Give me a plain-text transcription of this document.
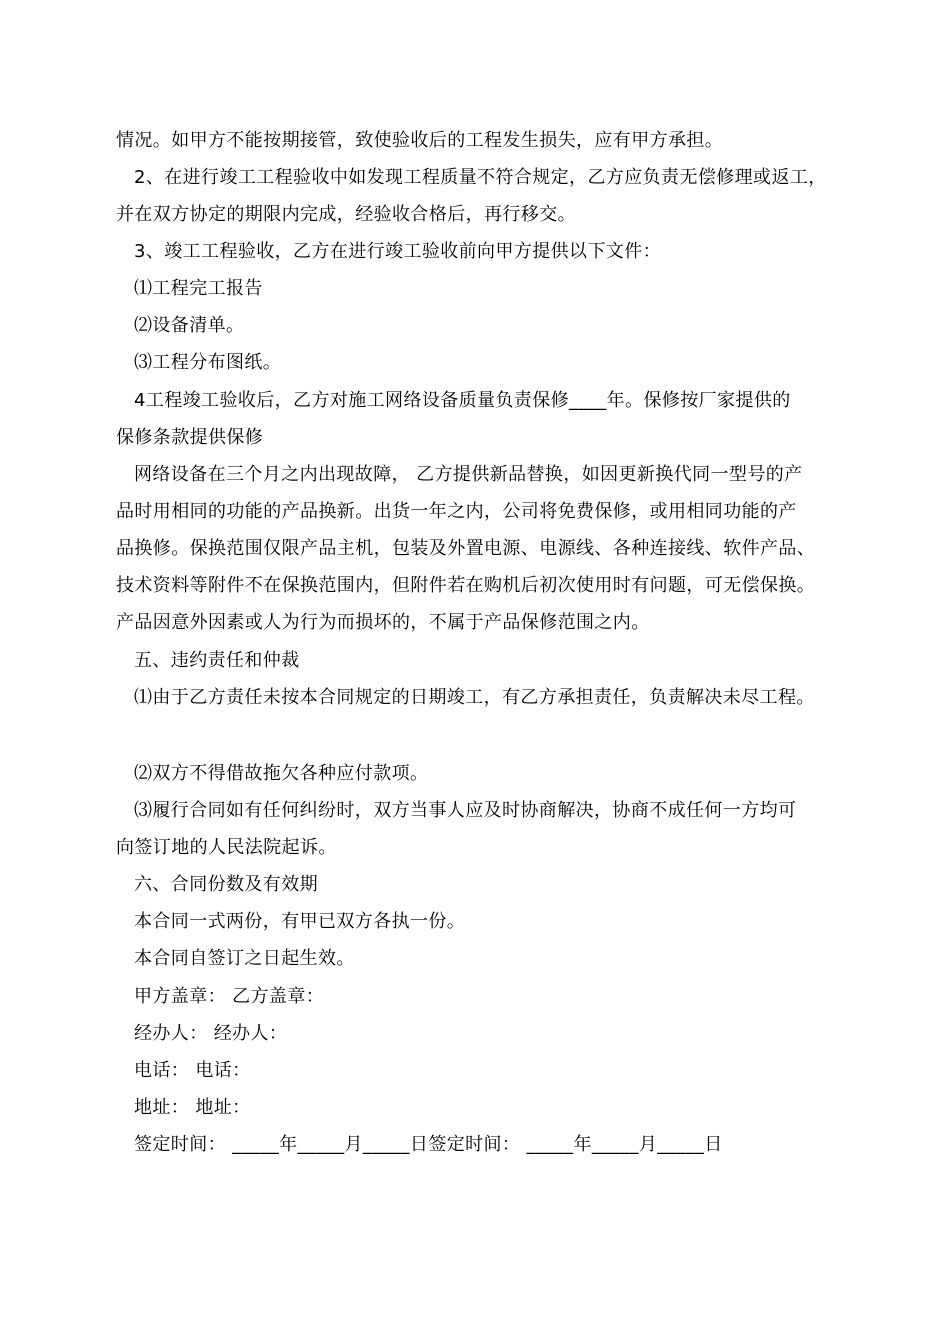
情况。如甲方不能按期接管，致使验收后的工程发生损失，应有甲方承担。
2、在进行竣工工程验收中如发现工程质量不符合规定，乙方应负责无偿修理或返工，
并在双方协定的期限内完成，经验收合格后，再行移交。
3、竣工工程验收，乙方在进行竣工验收前向甲方提供以下文件：
⑴工程完工报告
⑵设备清单。
⑶工程分布图纸。
4工程竣工验收后，乙方对施工网络设备质量负责保修____年。保修按厂家提供的
保修条款提供保修
网络设备在三个月之内出现故障， 乙方提供新品替换，如因更新换代同一型号的产
品时用相同的功能的产品换新。出货一年之内，公司将免费保修，或用相同功能的产
品换修。保换范围仅限产品主机，包装及外置电源、电源线、各种连接线、软件产品、
技术资料等附件不在保换范围内，但附件若在购机后初次使用时有问题，可无偿保换。
产品因意外因素或人为行为而损坏的，不属于产品保修范围之内。
五、违约责任和仲裁
⑴由于乙方责任未按本合同规定的日期竣工，有乙方承担责任，负责解决未尽工程。
⑵双方不得借故拖欠各种应付款项。
⑶履行合同如有任何纠纷时，双方当事人应及时协商解决，协商不成任何一方均可
向签订地的人民法院起诉。
六、合同份数及有效期
本合同一式两份，有甲已双方各执一份。
本合同自签订之日起生效。
甲方盖章： 乙方盖章：
经办人： 经办人：
电话： 电话：
地址： 地址：
签定时间： _____年_____月_____日签定时间： _____年_____月_____日
